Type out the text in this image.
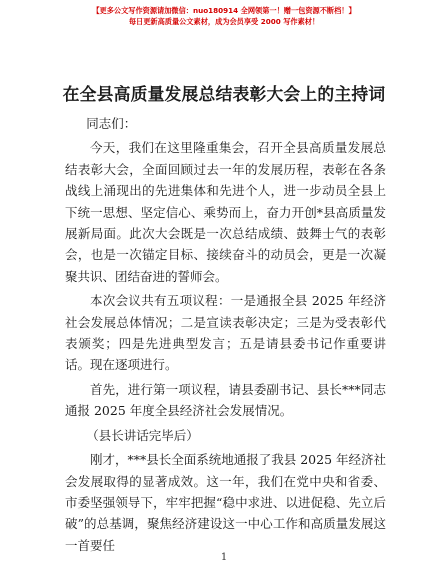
【更多公文写作资源请加微信：nuo180914 全网领第一！赠一包资源不断档！】
每日更新高质量公文素材，成为会员享受 2000 写作素材！
在全县高质量发展总结表彰大会上的主持词

同志们：

今天，我们在这里隆重集会，召开全县高质量发展总结表彰大会，全面回顾过去一年的发展历程，表彰在各条战线上涌现出的先进集体和先进个人，进一步动员全县上下统一思想、坚定信心、乘势而上，奋力开创*县高质量发展新局面。此次大会既是一次总结成绩、鼓舞士气的表彰会，也是一次锚定目标、接续奋斗的动员会，更是一次凝聚共识、团结奋进的誓师会。

本次会议共有五项议程：一是通报全县 2025 年经济社会发展总体情况；二是宣读表彰决定；三是为受表彰代表颁奖；四是先进典型发言；五是请县委书记作重要讲话。现在逐项进行。

首先，进行第一项议程，请县委副书记、县长***同志通报 2025 年度全县经济社会发展情况。

（县长讲话完毕后）

刚才，***县长全面系统地通报了我县 2025 年经济社会发展取得的显著成效。这一年，我们在党中央和省委、市委坚强领导下，牢牢把握“稳中求进、以进促稳、先立后破”的总基调，聚焦经济建设这一中心工作和高质量发展这一首要任

1
